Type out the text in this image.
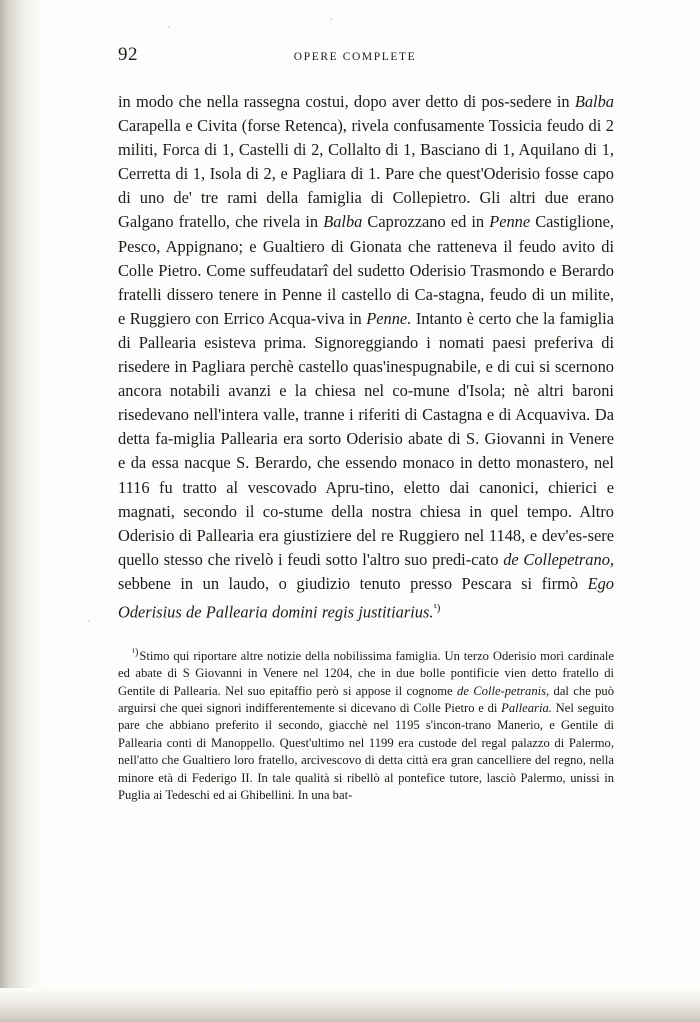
92	OPERE COMPLETE

in modo che nella rassegna costui, dopo aver detto di pos-sedere in Balba Carapella e Civita (forse Retenca), rivela confusamente Tossicia feudo di 2 militi, Forca di 1, Castelli di 2, Collalto di 1, Basciano di 1, Aquilano di 1, Cerretta di 1, Isola di 2, e Pagliara di 1. Pare che quest'Oderisio fosse capo di uno de' tre rami della famiglia di Collepietro. Gli altri due erano Galgano fratello, che rivela in Balba Caprozzano ed in Penne Castiglione, Pesco, Appignano; e Gualtiero di Gionata che ratteneva il feudo avito di Colle Pietro. Come suffeudatarî del sudetto Oderisio Trasmondo e Berardo fratelli dissero tenere in Penne il castello di Ca-stagna, feudo di un milite, e Ruggiero con Errico Acqua-viva in Penne. Intanto è certo che la famiglia di Pallearia esisteva prima. Signoreggiando i nomati paesi preferiva di risedere in Pagliara perchè castello quas'inespugnabile, e di cui si scernono ancora notabili avanzi e la chiesa nel co-mune d'Isola; nè altri baroni risedevano nell'intera valle, tranne i riferiti di Castagna e di Acquaviva. Da detta fa-miglia Pallearia era sorto Oderisio abate di S. Giovanni in Venere e da essa nacque S. Berardo, che essendo monaco in detto monastero, nel 1116 fu tratto al vescovado Apru-tino, eletto dai canonici, chierici e magnati, secondo il co-stume della nostra chiesa in quel tempo. Altro Oderisio di Pallearia era giustiziere del re Ruggiero nel 1148, e dev'es-sere quello stesso che rivelò i feudi sotto l'altro suo predi-cato de Collepetrano, sebbene in un laudo, o giudizio tenuto presso Pescara si firmò Ego Oderisius de Pallearia domini regis justitiarius.$^{^1)}$

$^{^1)}$Stimo qui riportare altre notizie della nobilissima famiglia. Un terzo Oderisio morì cardinale ed abate di S Giovanni in Venere nel 1204, che in due bolle pontificie vien detto fratello di Gentile di Pallearia. Nel suo epitaffio però si appose il cognome de Colle-petranis, dal che può arguirsi che quei signori indifferentemente si dicevano di Colle Pietro e di Pallearia. Nel seguito pare che abbiano preferito il secondo, giacchè nel 1195 s'incon-trano Manerio, e Gentile di Pallearia conti di Manoppello. Quest'ultimo nel 1199 era custode del regal palazzo di Palermo, nell'atto che Gualtiero loro fratello, arcivescovo di detta città era gran cancelliere del regno, nella minore età di Federigo II. In tale qualità si ribellò al pontefice tutore, lasciò Palermo, unissi in Puglia ai Tedeschi ed ai Ghibellini. In una bat-
